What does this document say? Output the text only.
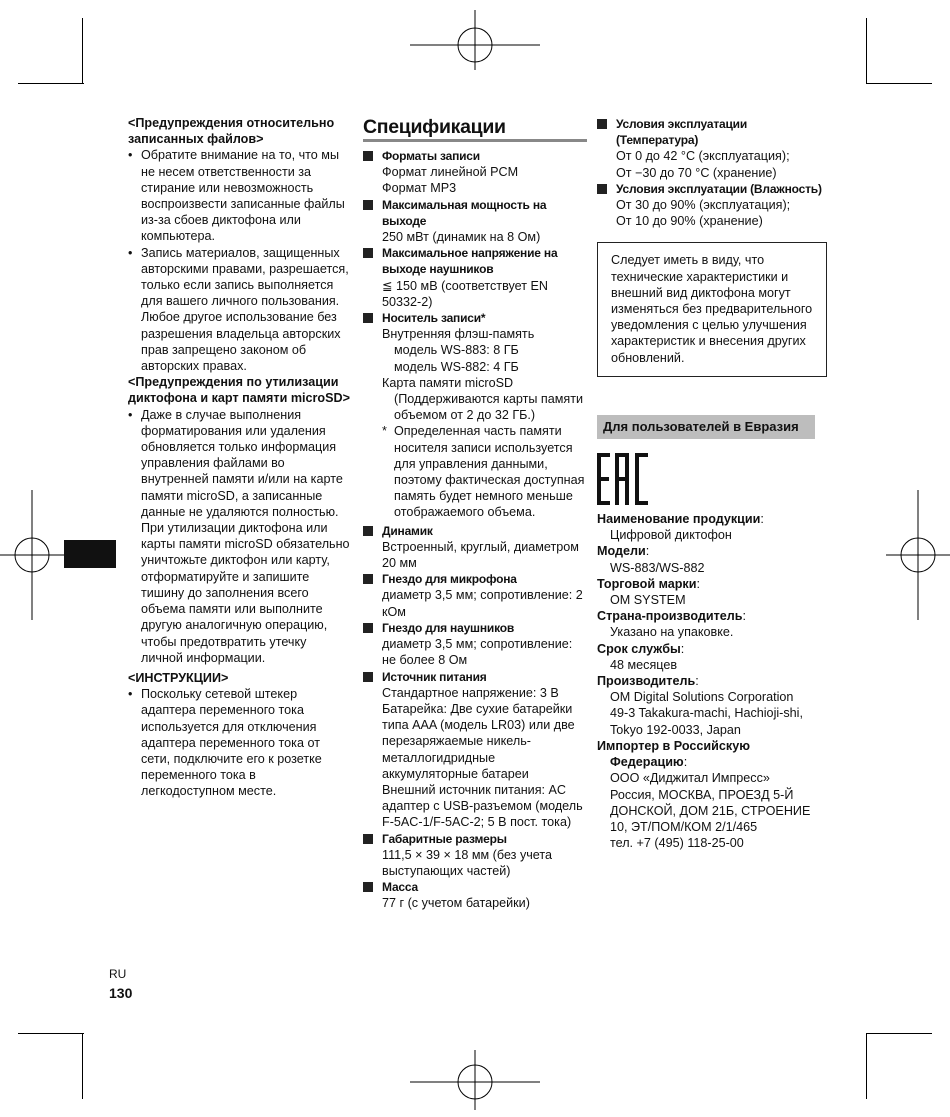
<Предупреждения относительно записанных файлов>

• Обратите внимание на то, что мы не несем ответственности за стирание или невозможность воспроизвести записанные файлы из-за сбоев диктофона или компьютера.

• Запись материалов, защищенных авторскими правами, разрешается, только если запись выполняется для вашего личного пользования. Любое другое использование без разрешения владельца авторских прав запрещено законом об авторских правах.

<Предупреждения по утилизации диктофона и карт памяти microSD>

• Даже в случае выполнения форматирования или удаления обновляется только информация управления файлами во внутренней памяти и/или на карте памяти microSD, а записанные данные не удаляются полностью.

При утилизации диктофона или карты памяти microSD обязательно уничтожьте диктофон или карту, отформатируйте и запишите тишину до заполнения всего объема памяти или выполните другую аналогичную операцию, чтобы предотвратить утечку личной информации.

<ИНСТРУКЦИИ>

• Поскольку сетевой штекер адаптера переменного тока используется для отключения адаптера переменного тока от сети, подключите его к розетке переменного тока в легкодоступном месте.

Спецификации
Форматы записи
Формат линейной PCM
Формат MP3
Максимальная мощность на выходе
250 мВт (динамик на 8 Ом)
Максимальное напряжение на выходе наушников
≦ 150 мВ (соответствует EN 50332-2)
Носитель записи*
Внутренняя флэш-память
модель WS-883: 8 ГБ
модель WS-882: 4 ГБ
Карта памяти microSD
(Поддерживаются карты памяти объемом от 2 до 32 ГБ.)
* Определенная часть памяти носителя записи используется для управления данными, поэтому фактическая доступная память будет немного меньше отображаемого объема.
Динамик
Встроенный, круглый, диаметром 20 мм
Гнездо для микрофона
диаметр 3,5 мм; сопротивление: 2 кОм
Гнездо для наушников
диаметр 3,5 мм; сопротивление: не более 8 Ом
Источник питания
Стандартное напряжение: 3 В
Батарейка: Две сухие батарейки типа AAA (модель LR03) или две перезаряжаемые никель-металлогидридные аккумуляторные батареи
Внешний источник питания: AC адаптер с USB-разъемом (модель F-5AC-1/F-5AC-2; 5 В пост. тока)
Габаритные размеры
111,5 × 39 × 18 мм (без учета выступающих частей)
Масса
77 г (с учетом батарейки)
Условия эксплуатации (Температура)
От 0 до 42 °C (эксплуатация);
От −30 до 70 °C (хранение)
Условия эксплуатации (Влажность)
От 30 до 90% (эксплуатация);
От 10 до 90% (хранение)
Следует иметь в виду, что технические характеристики и внешний вид диктофона могут изменяться без предварительного уведомления с целью улучшения характеристик и внесения других обновлений.
Для пользователей в Евразия
Наименование продукции:
Цифровой диктофон
Модели:
WS-883/WS-882
Торговой марки:
OM SYSTEM
Страна-производитель:
Указано на упаковке.
Срок службы:
48 месяцев
Производитель:
OM Digital Solutions Corporation
49-3 Takakura-machi, Hachioji-shi, Tokyo 192-0033, Japan
Импортер в Российскую Федерацию:
ООО «Диджитал Импресс»
Россия, МОСКВА, ПРОЕЗД 5-Й ДОНСКОЙ, ДОМ 21Б, СТРОЕНИЕ 10, ЭТ/ПОМ/КОМ 2/1/465
тел. +7 (495) 118-25-00
RU
130
